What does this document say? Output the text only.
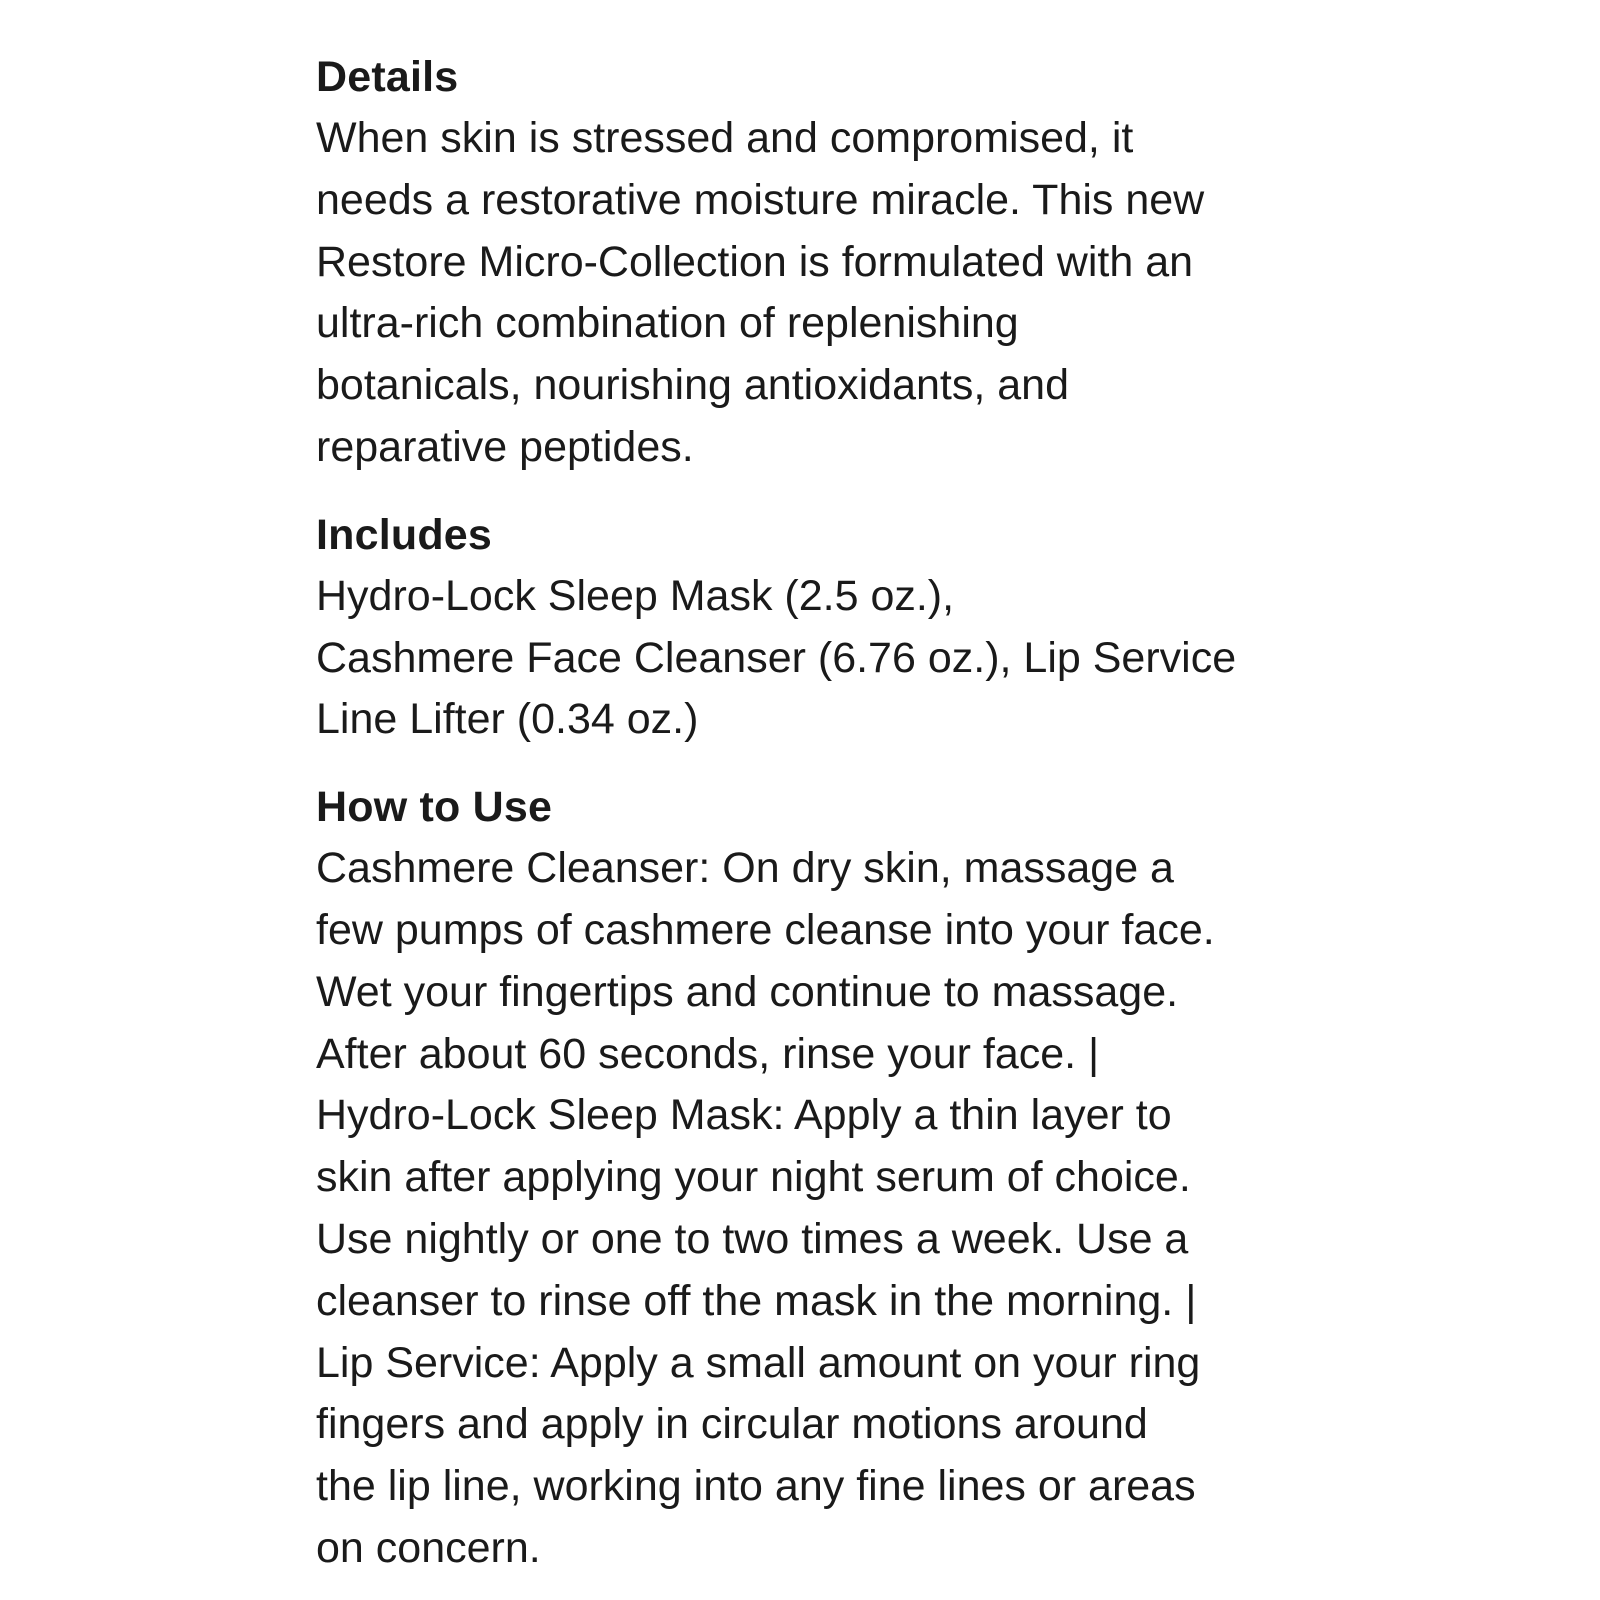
Details

When skin is stressed and compromised, it

needs a restorative moisture miracle. This new

Restore Micro-Collection is formulated with an

ultra-rich combination of replenishing

botanicals, nourishing antioxidants, and

reparative peptides.

Includes

Hydro-Lock Sleep Mask (2.5 oz.),

Cashmere Face Cleanser (6.76 oz.), Lip Service

Line Lifter (0.34 oz.)

How to Use

Cashmere Cleanser: On dry skin, massage a

few pumps of cashmere cleanse into your face.

Wet your fingertips and continue to massage.

After about 60 seconds, rinse your face. |

Hydro-Lock Sleep Mask: Apply a thin layer to

skin after applying your night serum of choice.

Use nightly or one to two times a week. Use a

cleanser to rinse off the mask in the morning. |

Lip Service: Apply a small amount on your ring

fingers and apply in circular motions around

the lip line, working into any fine lines or areas

on concern.
